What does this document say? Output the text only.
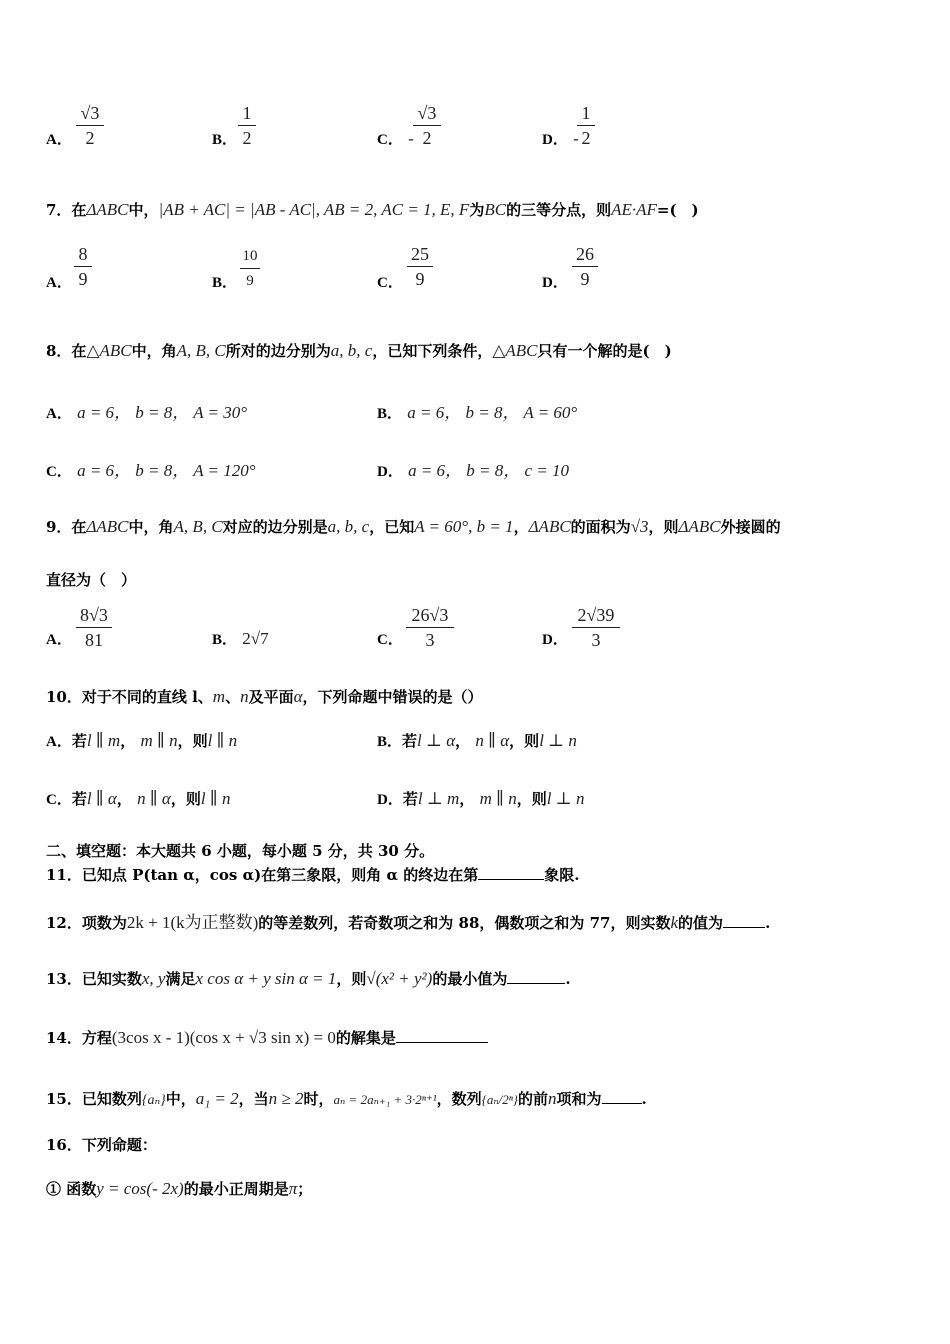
A．
√3
2	B．
1
2	C． -
√3
2	D． -
1
2
7．在ΔABC中，|AB + AC| = |AB - AC|, AB = 2, AC = 1, E, F为BC的三等分点，则AE·AF=(　)
A．
8
9	B．
10
9	C．
25
9	D．
26
9
8．在△ABC中，角A, B, C所对的边分别为a, b, c，已知下列条件，△ABC只有一个解的是(　)
A． a = 6， b = 8， A = 30°	B． a = 6， b = 8， A = 60°
C． a = 6， b = 8， A = 120°	D． a = 6， b = 8， c = 10
9．在ΔABC中，角A, B, C对应的边分别是a, b, c，已知A = 60°, b = 1，ΔABC的面积为√3，则ΔABC外接圆的
直径为（　）
A．
8√3
81	B． 2√7	C．
26√3
3	D．
2√39
3
10．对于不同的直线 l、m、n及平面α，下列命题中错误的是（）
A．若l ∥ m， m ∥ n，则l ∥ n	B．若l ⊥ α， n ∥ α，则l ⊥ n
C．若l ∥ α， n ∥ α，则l ∥ n	D．若l ⊥ m， m ∥ n，则l ⊥ n
二、填空题：本大题共 6 小题，每小题 5 分，共 30 分。
11．已知点 P(tan α，cos α)在第三象限，则角 α 的终边在第	象限.
12．项数为2k + 1(k为正整数)的等差数列，若奇数项之和为 88，偶数项之和为 77，则实数k的值为	.
13．已知实数x, y满足x cos α + y sin α = 1，则√(x² + y²)的最小值为	.
14．方程(3cos x - 1)(cos x + √3 sin x) = 0的解集是
15．已知数列{aₙ}中，a₁ = 2，当n ≥ 2时，aₙ = 2aₙ₊₁ + 3·2ⁿ⁺¹，数列{aₙ/2ⁿ}的前n项和为	.
16．下列命题：
① 函数y = cos(- 2x)的最小正周期是π；
